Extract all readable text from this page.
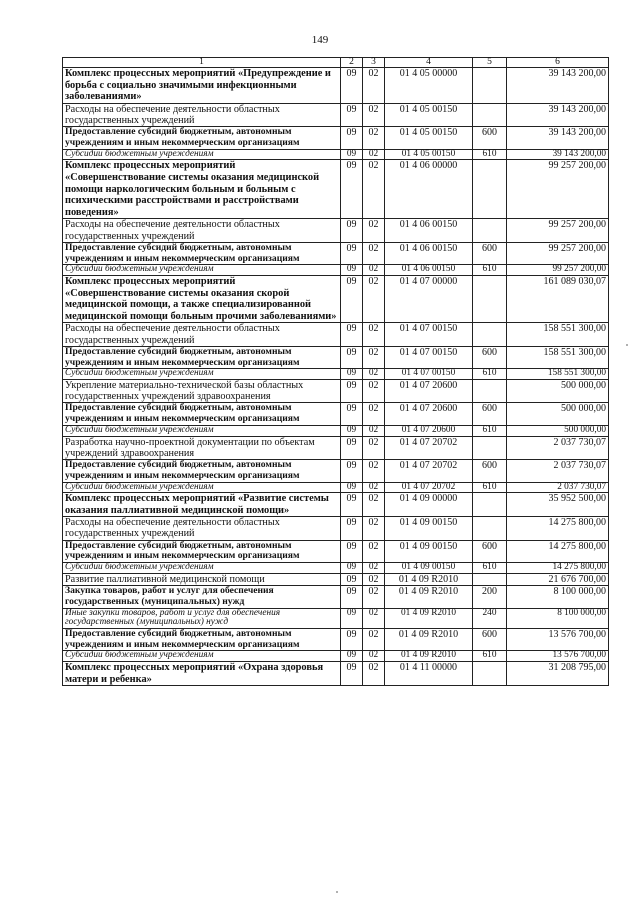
149
1	2	3	4	5	6
Комплекс процессных мероприятий «Предупреждение и борьба с социально значимыми инфекционными заболеваниями»	09	02	01 4 05 00000		39 143 200,00
Расходы на обеспечение деятельности областных государственных учреждений	09	02	01 4 05 00150		39 143 200,00
Предоставление субсидий бюджетным, автономным учреждениям и иным некоммерческим организациям	09	02	01 4 05 00150	600	39 143 200,00
Субсидии бюджетным учреждениям	09	02	01 4 05 00150	610	39 143 200,00
Комплекс процессных мероприятий «Совершенствование системы оказания медицинской помощи наркологическим больным и больным с психическими расстройствами и расстройствами поведения»	09	02	01 4 06 00000		99 257 200,00
Расходы на обеспечение деятельности областных государственных учреждений	09	02	01 4 06 00150		99 257 200,00
Предоставление субсидий бюджетным, автономным учреждениям и иным некоммерческим организациям	09	02	01 4 06 00150	600	99 257 200,00
Субсидии бюджетным учреждениям	09	02	01 4 06 00150	610	99 257 200,00
Комплекс процессных мероприятий «Совершенствование системы оказания скорой медицинской помощи, а также специализированной медицинской помощи больным прочими заболеваниями»	09	02	01 4 07 00000		161 089 030,07
Расходы на обеспечение деятельности областных государственных учреждений	09	02	01 4 07 00150		158 551 300,00
Предоставление субсидий бюджетным, автономным учреждениям и иным некоммерческим организациям	09	02	01 4 07 00150	600	158 551 300,00
Субсидии бюджетным учреждениям	09	02	01 4 07 00150	610	158 551 300,00
Укрепление материально-технической базы областных государственных учреждений здравоохранения	09	02	01 4 07 20600		500 000,00
Предоставление субсидий бюджетным, автономным учреждениям и иным некоммерческим организациям	09	02	01 4 07 20600	600	500 000,00
Субсидии бюджетным учреждениям	09	02	01 4 07 20600	610	500 000,00
Разработка научно-проектной документации по объектам учреждений здравоохранения	09	02	01 4 07 20702		2 037 730,07
Предоставление субсидий бюджетным, автономным учреждениям и иным некоммерческим организациям	09	02	01 4 07 20702	600	2 037 730,07
Субсидии бюджетным учреждениям	09	02	01 4 07 20702	610	2 037 730,07
Комплекс процессных мероприятий «Развитие системы оказания паллиативной медицинской помощи»	09	02	01 4 09 00000		35 952 500,00
Расходы на обеспечение деятельности областных государственных учреждений	09	02	01 4 09 00150		14 275 800,00
Предоставление субсидий бюджетным, автономным учреждениям и иным некоммерческим организациям	09	02	01 4 09 00150	600	14 275 800,00
Субсидии бюджетным учреждениям	09	02	01 4 09 00150	610	14 275 800,00
Развитие паллиативной медицинской помощи	09	02	01 4 09 R2010		21 676 700,00
Закупка товаров, работ и услуг для обеспечения государственных (муниципальных) нужд	09	02	01 4 09 R2010	200	8 100 000,00
Иные закупки товаров, работ и услуг для обеспечения государственных (муниципальных) нужд	09	02	01 4 09 R2010	240	8 100 000,00
Предоставление субсидий бюджетным, автономным учреждениям и иным некоммерческим организациям	09	02	01 4 09 R2010	600	13 576 700,00
Субсидии бюджетным учреждениям	09	02	01 4 09 R2010	610	13 576 700,00
Комплекс процессных мероприятий «Охрана здоровья матери и ребенка»	09	02	01 4 11 00000		31 208 795,00
